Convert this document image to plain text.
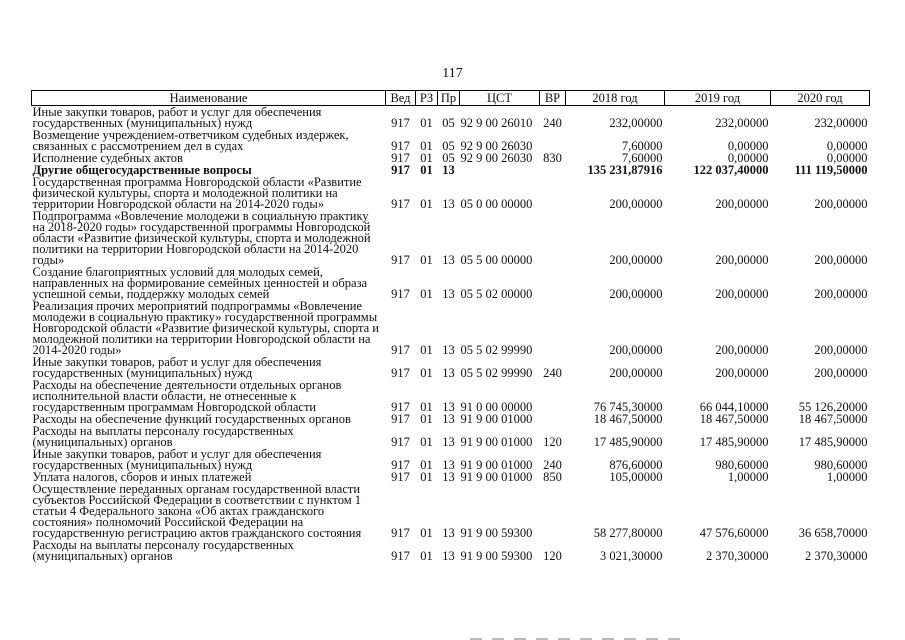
117
Наименование	Вед	РЗ	Пр	ЦСТ	ВР	2018 год	2019 год	2020 год
Иные закупки товаров, работ и услуг для обеспечения государственных (муниципальных) нужд	917	01	05	92 9 00 26010	240	232,00000	232,00000	232,00000
Возмещение учреждением-ответчиком судебных издержек, связанных с рассмотрением дел в судах	917	01	05	92 9 00 26030		7,60000	0,00000	0,00000
Исполнение судебных актов	917	01	05	92 9 00 26030	830	7,60000	0,00000	0,00000
Другие общегосударственные вопросы	917	01	13			135 231,87916	122 037,40000	111 119,50000
Государственная программа Новгородской области «Развитие физической культуры, спорта и молодежной политики на территории Новгородской области на 2014-2020 годы»	917	01	13	05 0 00 00000		200,00000	200,00000	200,00000
Подпрограмма «Вовлечение молодежи в социальную практику на 2018-2020 годы» государственной программы Новгородской области «Развитие физической культуры, спорта и молодежной политики на территории Новгородской области на 2014-2020 годы»	917	01	13	05 5 00 00000		200,00000	200,00000	200,00000
Создание благоприятных условий для молодых семей, направленных на формирование семейных ценностей и образа успешной семьи, поддержку молодых семей	917	01	13	05 5 02 00000		200,00000	200,00000	200,00000
Реализация прочих мероприятий подпрограммы «Вовлечение молодежи в социальную практику» государственной программы Новгородской области «Развитие физической культуры, спорта и молодежной политики на территории Новгородской области на 2014-2020 годы»	917	01	13	05 5 02 99990		200,00000	200,00000	200,00000
Иные закупки товаров, работ и услуг для обеспечения государственных (муниципальных) нужд	917	01	13	05 5 02 99990	240	200,00000	200,00000	200,00000
Расходы на обеспечение деятельности отдельных органов исполнительной власти области, не отнесенные к государственным программам Новгородской области	917	01	13	91 0 00 00000		76 745,30000	66 044,10000	55 126,20000
Расходы на обеспечение функций государственных органов	917	01	13	91 9 00 01000		18 467,50000	18 467,50000	18 467,50000
Расходы на выплаты персоналу государственных (муниципальных) органов	917	01	13	91 9 00 01000	120	17 485,90000	17 485,90000	17 485,90000
Иные закупки товаров, работ и услуг для обеспечения государственных (муниципальных) нужд	917	01	13	91 9 00 01000	240	876,60000	980,60000	980,60000
Уплата налогов, сборов и иных платежей	917	01	13	91 9 00 01000	850	105,00000	1,00000	1,00000
Осуществление переданных органам государственной власти субъектов Российской Федерации в соответствии с пунктом 1 статьи 4 Федерального закона «Об актах гражданского состояния» полномочий Российской Федерации на государственную регистрацию актов гражданского состояния	917	01	13	91 9 00 59300		58 277,80000	47 576,60000	36 658,70000
Расходы на выплаты персоналу государственных (муниципальных) органов	917	01	13	91 9 00 59300	120	3 021,30000	2 370,30000	2 370,30000
